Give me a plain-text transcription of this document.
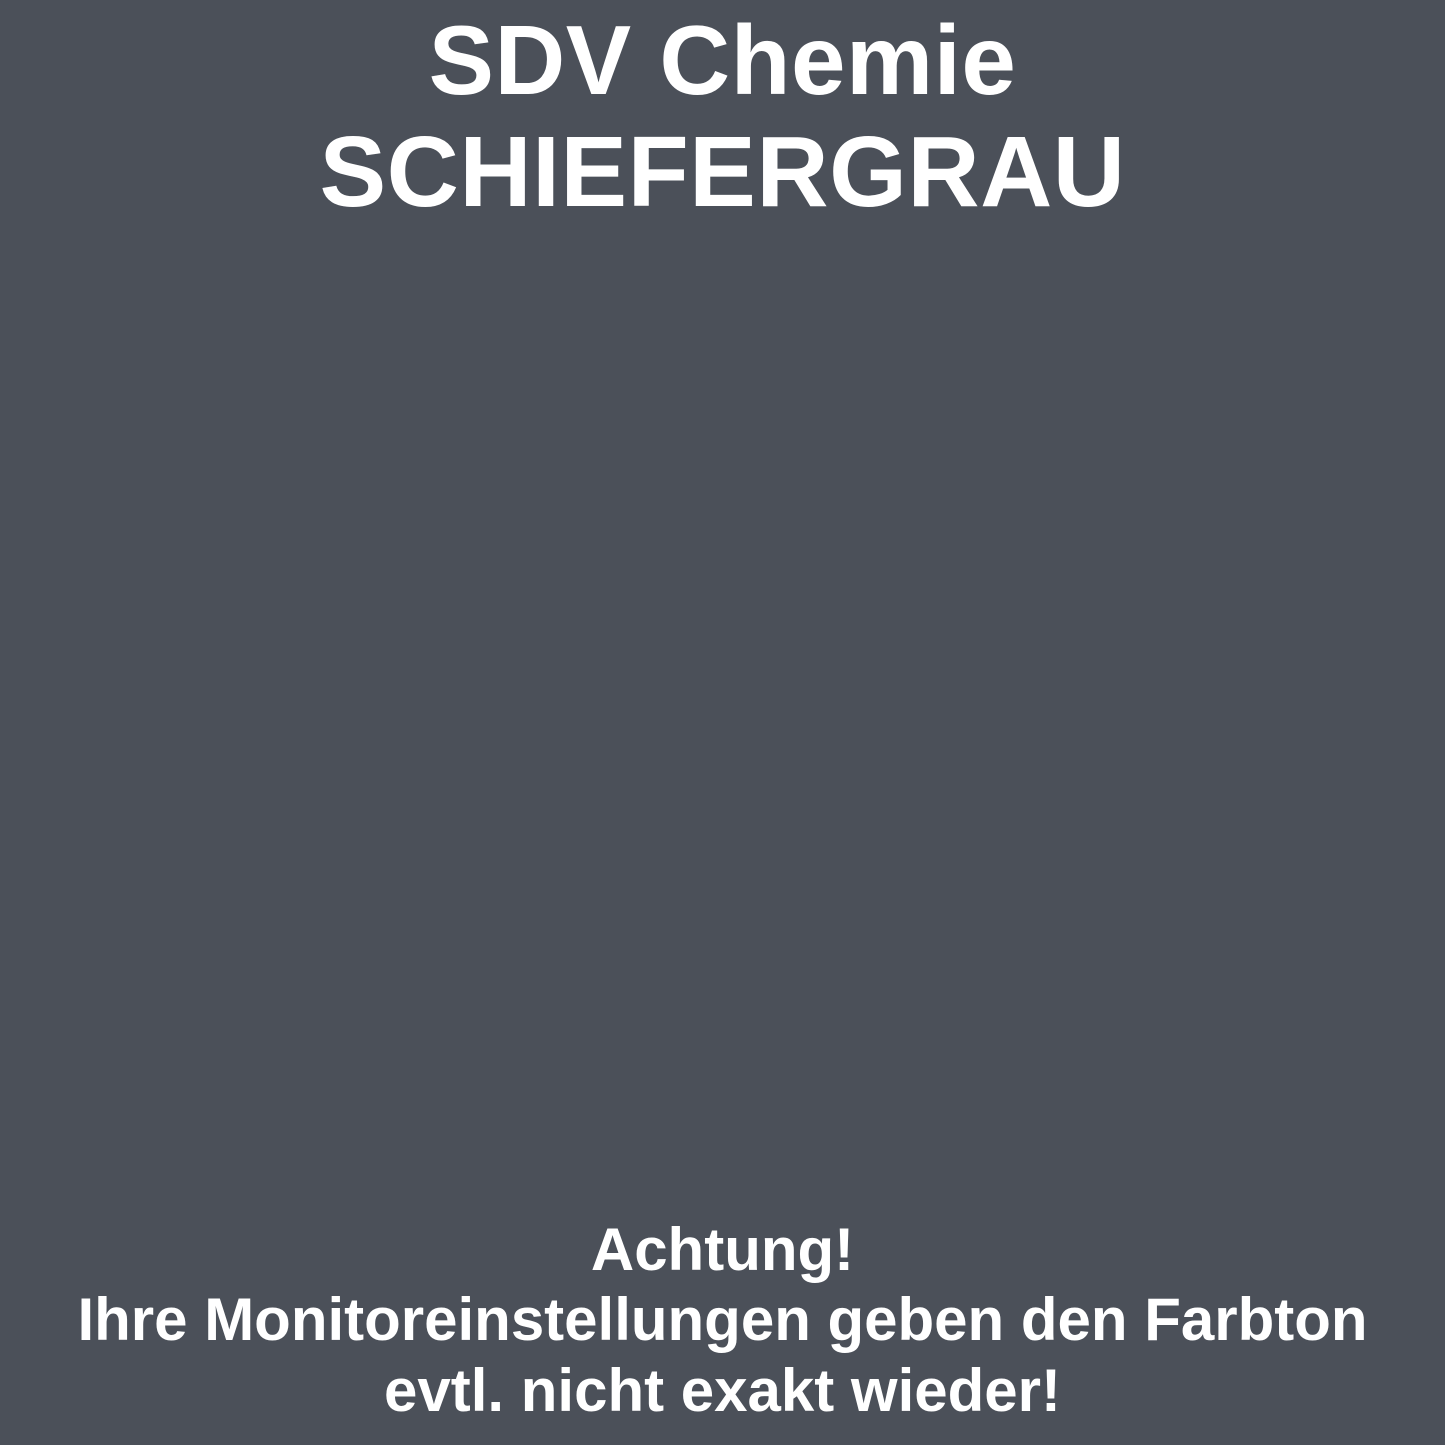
SDV Chemie
SCHIEFERGRAU
Achtung!
Ihre Monitoreinstellungen geben den Farbton
evtl. nicht exakt wieder!
